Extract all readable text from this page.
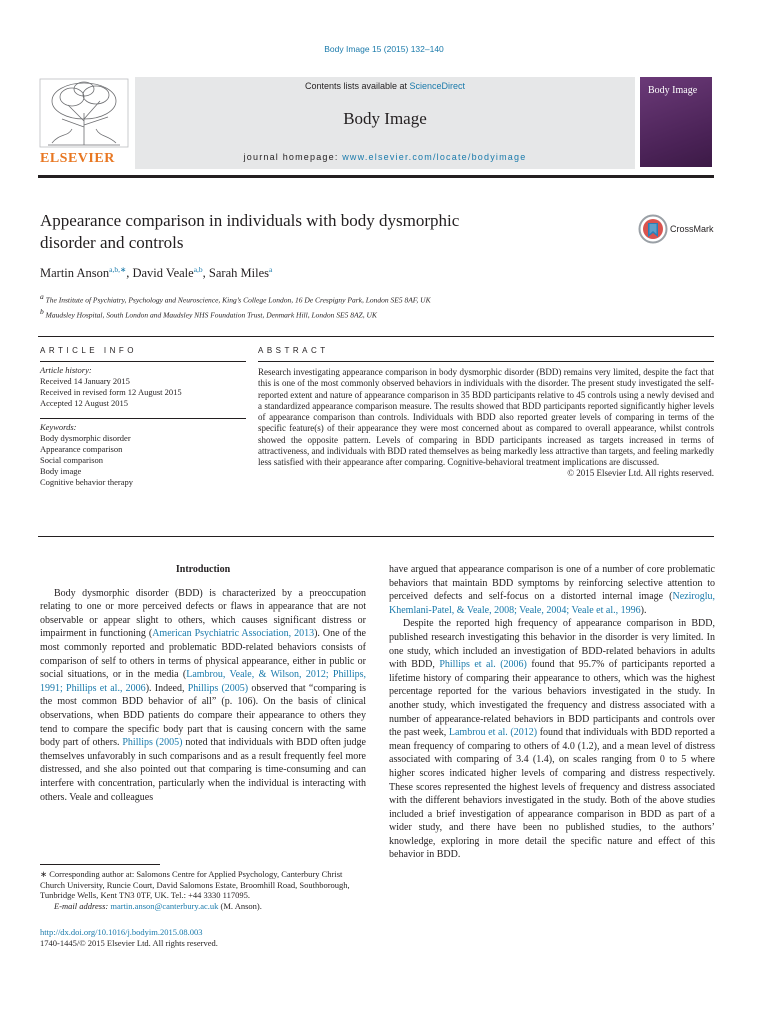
Body Image 15 (2015) 132–140
ELSEVIER
Contents lists available at ScienceDirect
Body Image
journal homepage: www.elsevier.com/locate/bodyimage
Body Image
Appearance comparison in individuals with body dysmorphic
disorder and controls
CrossMark
Martin Anson$^{a,b,∗}$, David Veale$^{a,b}$, Sarah Miles$^a$
$^a$ The Institute of Psychiatry, Psychology and Neuroscience, King’s College London, 16 De Crespigny Park, London SE5 8AF, UK
$^b$ Maudsley Hospital, South London and Maudsley NHS Foundation Trust, Denmark Hill, London SE5 8AZ, UK
ARTICLE INFO	ABSTRACT
Article history:
Received 14 January 2015
Received in revised form 12 August 2015
Accepted 12 August 2015
Keywords:
Body dysmorphic disorder
Appearance comparison
Social comparison
Body image
Cognitive behavior therapy
Research investigating appearance comparison in body dysmorphic disorder (BDD) remains very limited, despite the fact that this is one of the most commonly observed behaviors in individuals with the disorder. The present study investigated the self-reported extent and nature of appearance comparison in 35 BDD participants relative to 45 controls using a newly devised and a standardized appearance comparison measure. The results showed that BDD participants reported significantly higher levels of appearance comparison than controls. Individuals with BDD also reported greater levels of comparing in terms of the specific feature(s) of their appearance they were most concerned about as compared to overall appearance, whilst controls showed the opposite pattern. Levels of comparing in BDD participants increased as targets increased in terms of attractiveness, and individuals with BDD rated themselves as being markedly less attractive than targets, and feeling markedly less satisfied with their appearance after comparing. Cognitive-behavioral treatment implications are discussed.
© 2015 Elsevier Ltd. All rights reserved.
Introduction

Body dysmorphic disorder (BDD) is characterized by a preoccupation relating to one or more perceived defects or flaws in appearance that are not observable or appear slight to others, which causes significant distress or impairment in functioning (American Psychiatric Association, 2013). One of the most commonly reported and problematic BDD-related behaviors consists of comparison of self to others in terms of physical appearance, either in public or social situations, or in the media (Lambrou, Veale, & Wilson, 2012; Phillips, 1991; Phillips et al., 2006). Indeed, Phillips (2005) observed that “comparing is the most common BDD behavior of all” (p. 106). On the basis of clinical observations, when BDD patients do compare their appearance to others they tend to compare the specific body part that is causing concern with the same body part of others. Phillips (2005) noted that individuals with BDD often judge themselves unfavorably in such comparisons and as a result frequently feel more distressed, and she also pointed out that comparing is time-consuming and can interfere with concentration, particularly when the individual is interacting with others. Veale and colleagues

have argued that appearance comparison is one of a number of core problematic behaviors that maintain BDD symptoms by reinforcing selective attention to perceived defects and self-focus on a distorted internal image (Neziroglu, Khemlani-Patel, & Veale, 2008; Veale, 2004; Veale et al., 1996).

Despite the reported high frequency of appearance comparison in BDD, published research investigating this behavior in the disorder is very limited. In one study, which included an investigation of BDD-related behaviors in adults with BDD, Phillips et al. (2006) found that 95.7% of participants reported a lifetime history of comparing their appearance to others, which was the highest percentage reported for the various behaviors investigated in the study. In another study, which investigated the frequency and distress associated with a number of appearance-related behaviors in BDD participants and controls over the past week, Lambrou et al. (2012) found that individuals with BDD reported a mean frequency of comparing to others of 4.0 (1.2), and a mean level of distress associated with comparing of 3.4 (1.4), on scales ranging from 0 to 5 where higher scores indicated higher levels of comparing and distress respectively. These scores represented the highest levels of frequency and distress associated with the different behaviors investigated in the study. Both of the above studies included a brief investigation of appearance comparison in BDD as part of a wider study, and there have been no published studies, to the authors’ knowledge, exploring in more detail the specific nature and effect of this behavior in BDD.

∗ Corresponding author at: Salomons Centre for Applied Psychology, Canterbury Christ Church University, Runcie Court, David Salomons Estate, Broomhill Road, Southborough, Tunbridge Wells, Kent TN3 0TF, UK. Tel.: +44 3330 117095.
E-mail address: martin.anson@canterbury.ac.uk (M. Anson).
http://dx.doi.org/10.1016/j.bodyim.2015.08.003
1740-1445/© 2015 Elsevier Ltd. All rights reserved.
